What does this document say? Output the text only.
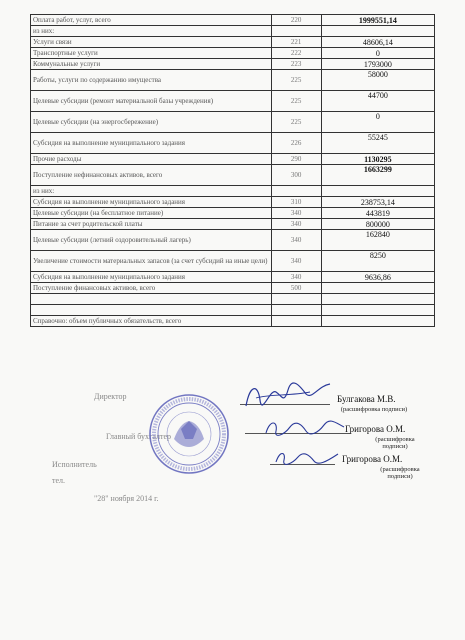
Оплата работ, услуг, всего	220	1999551,14
из них:		
Услуги связи	221	48606,14
Транспортные услуги	222	0
Коммунальные услуги	223	1793000
Работы, услуги по содержанию имущества	225	58000
Целевые субсидии (ремонт материальной базы учреждения)	225	44700
Целевые субсидии (на энергосбережение)	225	0
Субсидия на выполнение муниципального задания	226	55245
Прочие расходы	290	1130295
Поступление нефинансовых активов, всего	300	1663299
из них:		
Субсидия на выполнение муниципального задания	310	238753,14
Целевые субсидии (на бесплатное питание)	340	443819
Питание за счет родительской платы	340	800000
Целевые субсидии (летний оздоровительный лагерь)	340	162840
Увеличение стоимости материальных запасов (за счет субсидий на иные цели)	340	8250
Субсидия на выполнение муниципального задания	340	9636,86
Поступление финансовых активов, всего	500	

Справочно: объем публичных обязательств, всего		
Директор	Булгакова М.В.
(расшифровка подписи)
Главный бухгалтер
Григорова О.М.
(расшифровка подписи)
Исполнитель
Григорова О.М.
(расшифровка подписи)
тел.
"28" ноября 2014 г.
